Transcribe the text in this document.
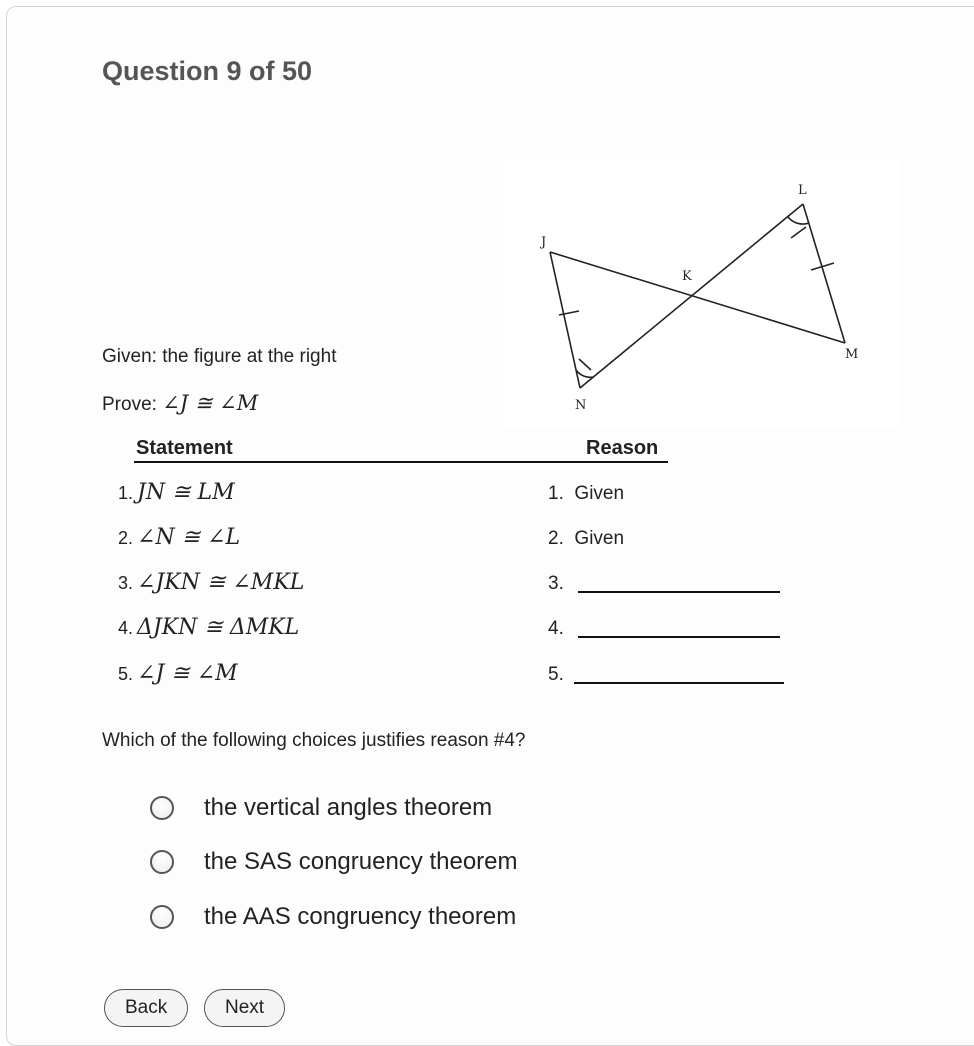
Question 9 of 50
J
K
L
M
N
Given: the figure at the right
Prove: ∠J ≅ ∠M
Statement	Reason
1. JN ≅ LM
2. ∠N ≅ ∠L
3. ∠JKN ≅ ∠MKL
4. ΔJKN ≅ ΔMKL
5. ∠J ≅ ∠M
1. Given
2. Given
3.
4.
5.
Which of the following choices justifies reason #4?
the vertical angles theorem
the SAS congruency theorem
the AAS congruency theorem
Back	Next
